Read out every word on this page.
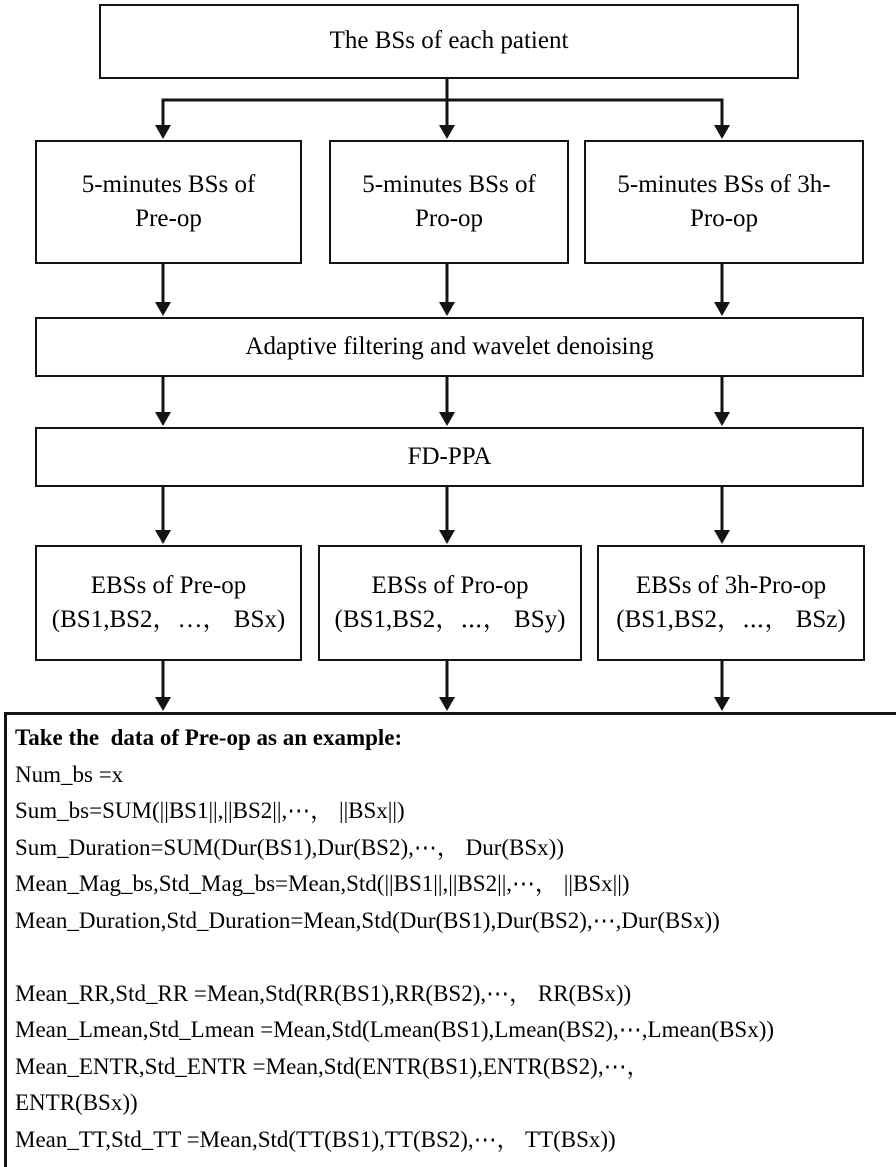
The BSs of each patient
5-minutes BSs of
Pre-op
5-minutes BSs of
Pro-op
5-minutes BSs of 3h-
Pro-op
Adaptive filtering and wavelet denoising
FD-PPA
EBSs of Pre-op
(BS1,BS2，…， BSx)
EBSs of Pro-op
(BS1,BS2，⋯， BSy)
EBSs of 3h-Pro-op
(BS1,BS2，⋯， BSz)
Take the  data of Pre-op as an example:
Num_bs =x
Sum_bs=SUM(||BS1||,||BS2||,⋯， ||BSx||)
Sum_Duration=SUM(Dur(BS1),Dur(BS2),⋯， Dur(BSx))
Mean_Mag_bs,Std_Mag_bs=Mean,Std(||BS1||,||BS2||,⋯， ||BSx||)
Mean_Duration,Std_Duration=Mean,Std(Dur(BS1),Dur(BS2),⋯,Dur(BSx))
Mean_RR,Std_RR =Mean,Std(RR(BS1),RR(BS2),⋯， RR(BSx))
Mean_Lmean,Std_Lmean =Mean,Std(Lmean(BS1),Lmean(BS2),⋯,Lmean(BSx))
Mean_ENTR,Std_ENTR =Mean,Std(ENTR(BS1),ENTR(BS2),⋯，
ENTR(BSx))
Mean_TT,Std_TT =Mean,Std(TT(BS1),TT(BS2),⋯， TT(BSx))
